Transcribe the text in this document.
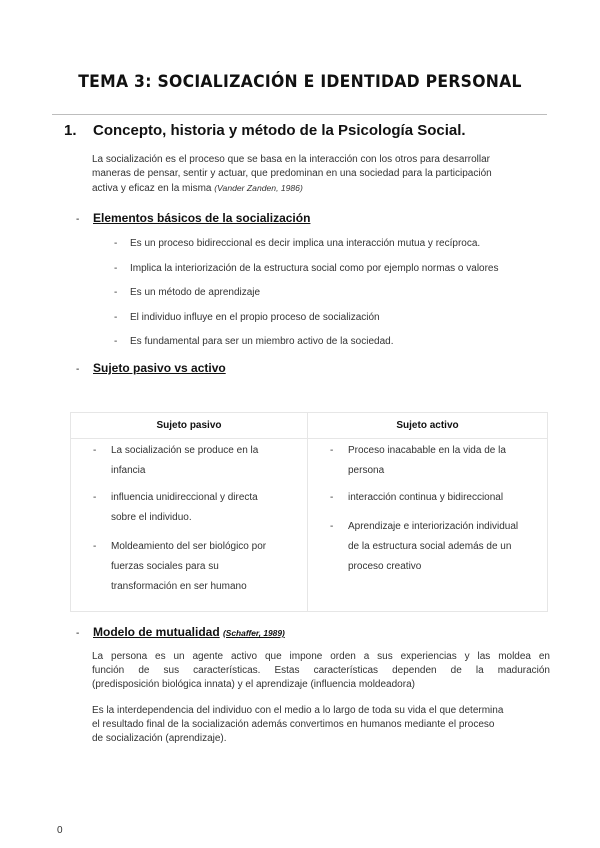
TEMA 3: SOCIALIZACIÓN E IDENTIDAD PERSONAL
1. Concepto, historia y método de la Psicología Social.
La socialización es el proceso que se basa en la interacción con los otros para desarrollar
maneras de pensar, sentir y actuar, que predominan en una sociedad para la participación
activa y eficaz en la misma (Vander Zanden, 1986)
- Elementos básicos de la socialización
- Es un proceso bidireccional es decir implica una interacción mutua y recíproca.
- Implica la interiorización de la estructura social como por ejemplo normas o valores
- Es un método de aprendizaje
- El individuo influye en el propio proceso de socialización
- Es fundamental para ser un miembro activo de la sociedad.
- Sujeto pasivo vs activo
Sujeto pasivo
-	La socialización se produce en la
infancia
-	influencia unidireccional y directa
sobre el individuo.
-	Moldeamiento del ser biológico por
fuerzas sociales para su
transformación en ser humano
Sujeto activo
-	Proceso inacabable en la vida de la
persona
-	interacción continua y bidireccional
-	Aprendizaje e interiorización individual
de la estructura social además de un
proceso creativo
- Modelo de mutualidad (Schaffer, 1989)
La persona es un agente activo que impone orden a sus experiencias y las moldea en
función de sus características. Estas características dependen de la maduración
(predisposición biológica innata) y el aprendizaje (influencia moldeadora)
Es la interdependencia del individuo con el medio a lo largo de toda su vida el que determina
el resultado final de la socialización además convertimos en humanos mediante el proceso
de socialización (aprendizaje).
0
